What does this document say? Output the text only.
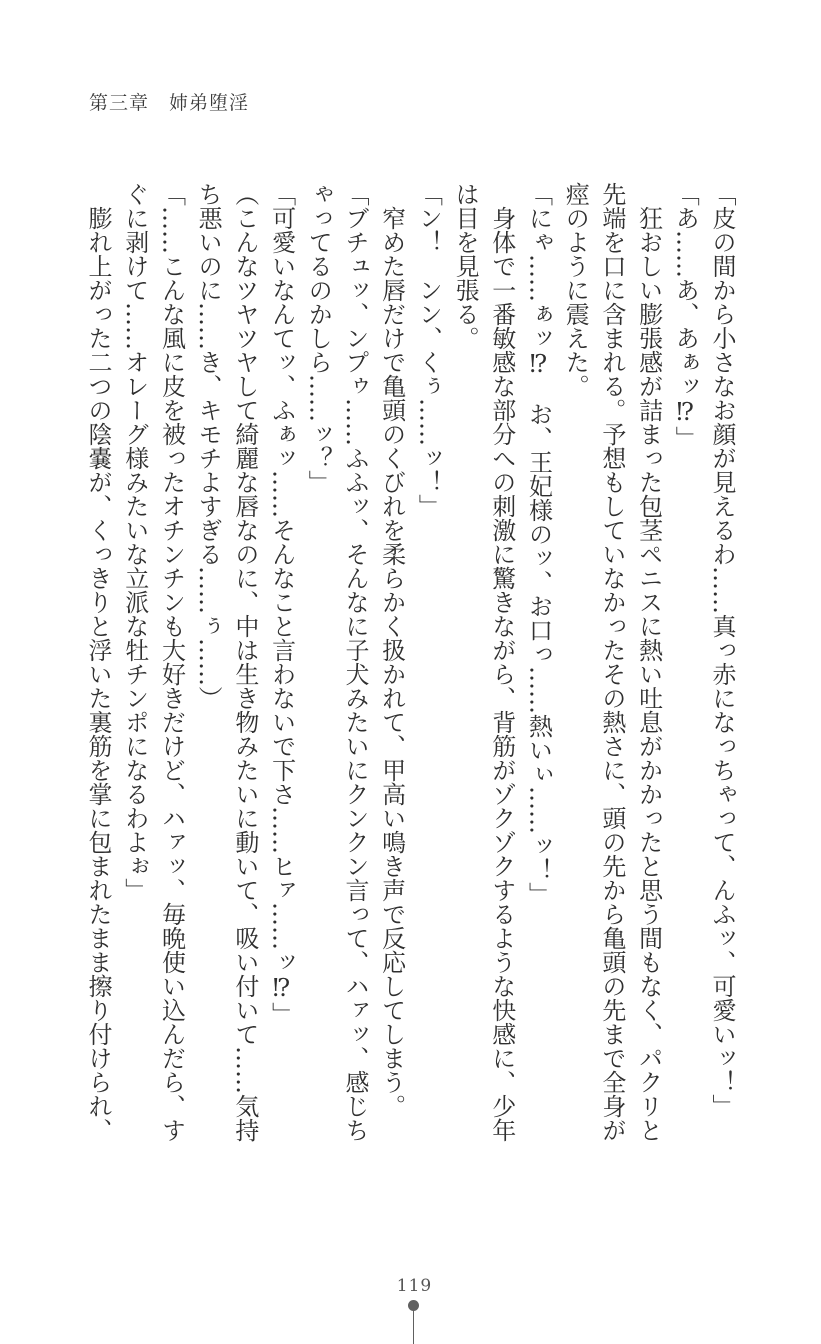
第三章　姉弟堕淫
「皮の間から小さなお顔が見えるわ……真っ赤になっちゃって、んふッ、可愛いッ！」
「あ……あ、あぁッ⁉」
　狂おしい膨張感が詰まった包茎ペニスに熱い吐息がかかったと思う間もなく、パクリと
先端を口に含まれる。予想もしていなかったその熱さに、頭の先から亀頭の先まで全身が
痙のように震えた。
「にゃ……ぁッ⁉　お、王妃様のッ、お口っ……熱いぃ……ッ！」
　身体で一番敏感な部分への刺激に驚きながら、背筋がゾクゾクするような快感に、少年
は目を見張る。
「ン！　ンン、くぅ……ッ！」
　窄めた唇だけで亀頭のくびれを柔らかく扱かれて、甲高い鳴き声で反応してしまう。
「ブチュッ、ンプゥ……ふふッ、そんなに子犬みたいにクンクン言って、ハァッ、感じち
ゃってるのかしら……ッ？」
「可愛いなんてッ、ふぁッ……そんなこと言わないで下さ……ヒァ……ッ⁉」
（こんなツヤツヤして綺麗な唇なのに、中は生き物みたいに動いて、吸い付いて……気持
ち悪いのに……き、キモチよすぎる……ぅ……）
「……こんな風に皮を被ったオチンチンも大好きだけど、ハァッ、毎晩使い込んだら、す
ぐに剥けて……オレーグ様みたいな立派な牡チンポになるわよぉ」
　膨れ上がった二つの陰嚢が、くっきりと浮いた裏筋を掌に包まれたまま擦り付けられ、
119
